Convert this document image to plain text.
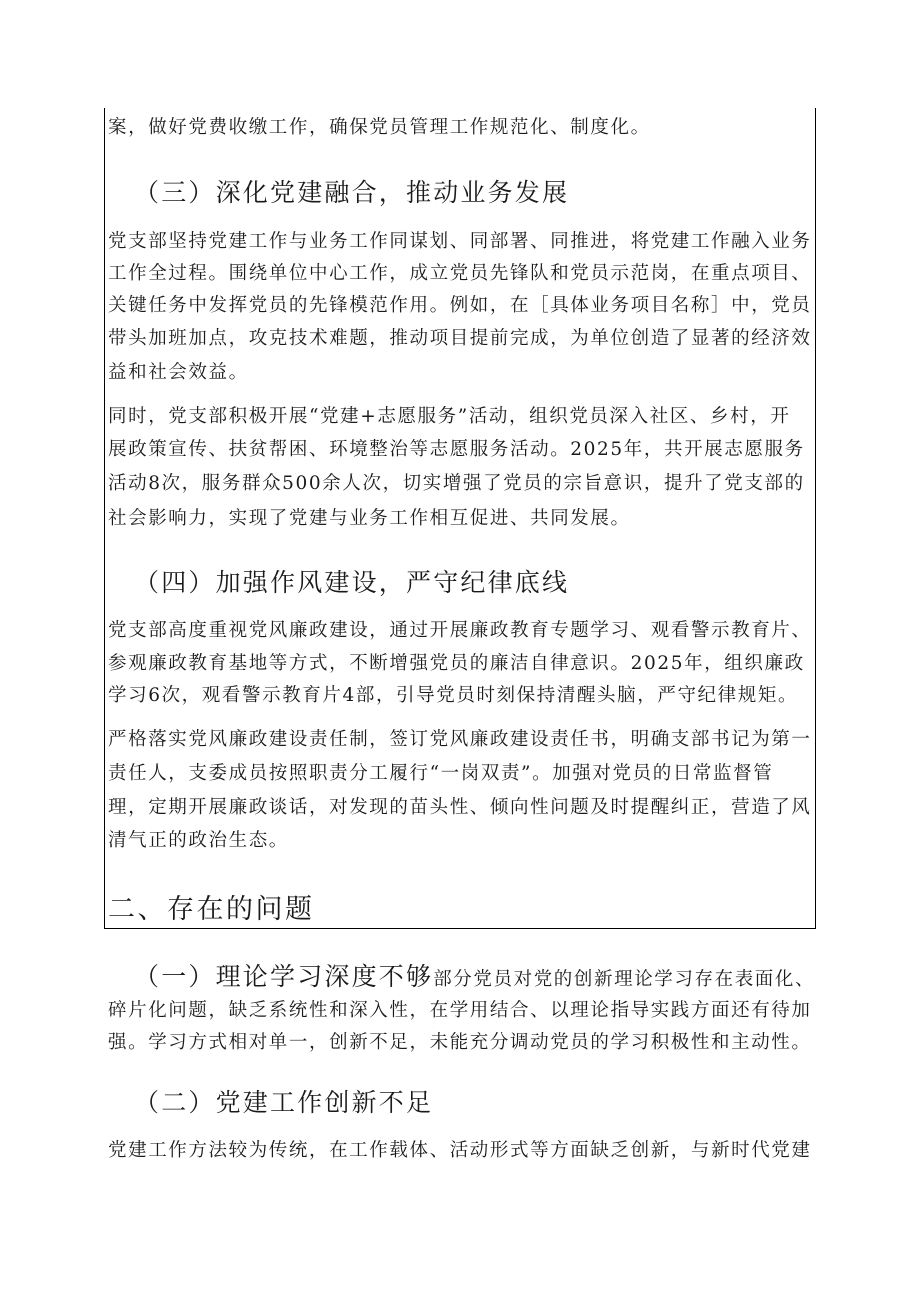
案，做好党费收缴工作，确保党员管理工作规范化、制度化。

（三）深化党建融合，推动业务发展

党支部坚持党建工作与业务工作同谋划、同部署、同推进，将党建工作融入业务

工作全过程。围绕单位中心工作，成立党员先锋队和党员示范岗，在重点项目、

关键任务中发挥党员的先锋模范作用。例如，在［具体业务项目名称］中，党员

带头加班加点，攻克技术难题，推动项目提前完成，为单位创造了显著的经济效

益和社会效益。

同时，党支部积极开展“党建+志愿服务”活动，组织党员深入社区、乡村，开

展政策宣传、扶贫帮困、环境整治等志愿服务活动。2025年，共开展志愿服务

活动8次，服务群众500余人次，切实增强了党员的宗旨意识，提升了党支部的

社会影响力，实现了党建与业务工作相互促进、共同发展。

（四）加强作风建设，严守纪律底线

党支部高度重视党风廉政建设，通过开展廉政教育专题学习、观看警示教育片、

参观廉政教育基地等方式，不断增强党员的廉洁自律意识。2025年，组织廉政

学习6次，观看警示教育片4部，引导党员时刻保持清醒头脑，严守纪律规矩。

严格落实党风廉政建设责任制，签订党风廉政建设责任书，明确支部书记为第一

责任人，支委成员按照职责分工履行“一岗双责”。加强对党员的日常监督管

理，定期开展廉政谈话，对发现的苗头性、倾向性问题及时提醒纠正，营造了风

清气正的政治生态。

二、存在的问题

（一）理论学习深度不够部分党员对党的创新理论学习存在表面化、

碎片化问题，缺乏系统性和深入性，在学用结合、以理论指导实践方面还有待加

强。学习方式相对单一，创新不足，未能充分调动党员的学习积极性和主动性。

（二）党建工作创新不足

党建工作方法较为传统，在工作载体、活动形式等方面缺乏创新，与新时代党建
